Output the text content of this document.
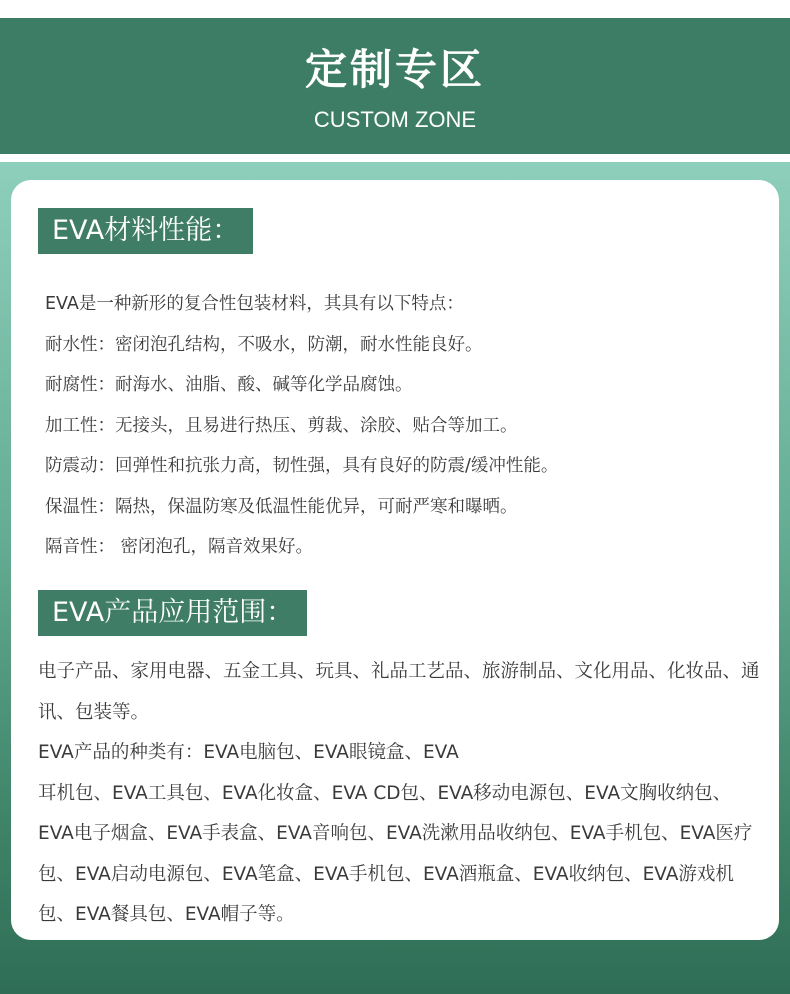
定制专区
CUSTOM ZONE
EVA材料性能：
EVA是一种新形的复合性包装材料，其具有以下特点：
耐水性：密闭泡孔结构，不吸水，防潮，耐水性能良好。
耐腐性：耐海水、油脂、酸、碱等化学品腐蚀。
加工性：无接头，且易进行热压、剪裁、涂胶、贴合等加工。
防震动：回弹性和抗张力高，韧性强，具有良好的防震/缓冲性能。
保温性：隔热，保温防寒及低温性能优异，可耐严寒和曝晒。
隔音性： 密闭泡孔，隔音效果好。
EVA产品应用范围：

电子产品、家用电器、五金工具、玩具、礼品工艺品、旅游制品、文化用品、化妆品、通讯、包装等。

EVA产品的种类有：EVA电脑包、EVA眼镜盒、EVA

耳机包、EVA工具包、EVA化妆盒、EVA CD包、EVA移动电源包、EVA文胸收纳包、EVA电子烟盒、EVA手表盒、EVA音响包、EVA洗漱用品收纳包、EVA手机包、EVA医疗包、EVA启动电源包、EVA笔盒、EVA手机包、EVA酒瓶盒、EVA收纳包、EVA游戏机包、EVA餐具包、EVA帽子等。
